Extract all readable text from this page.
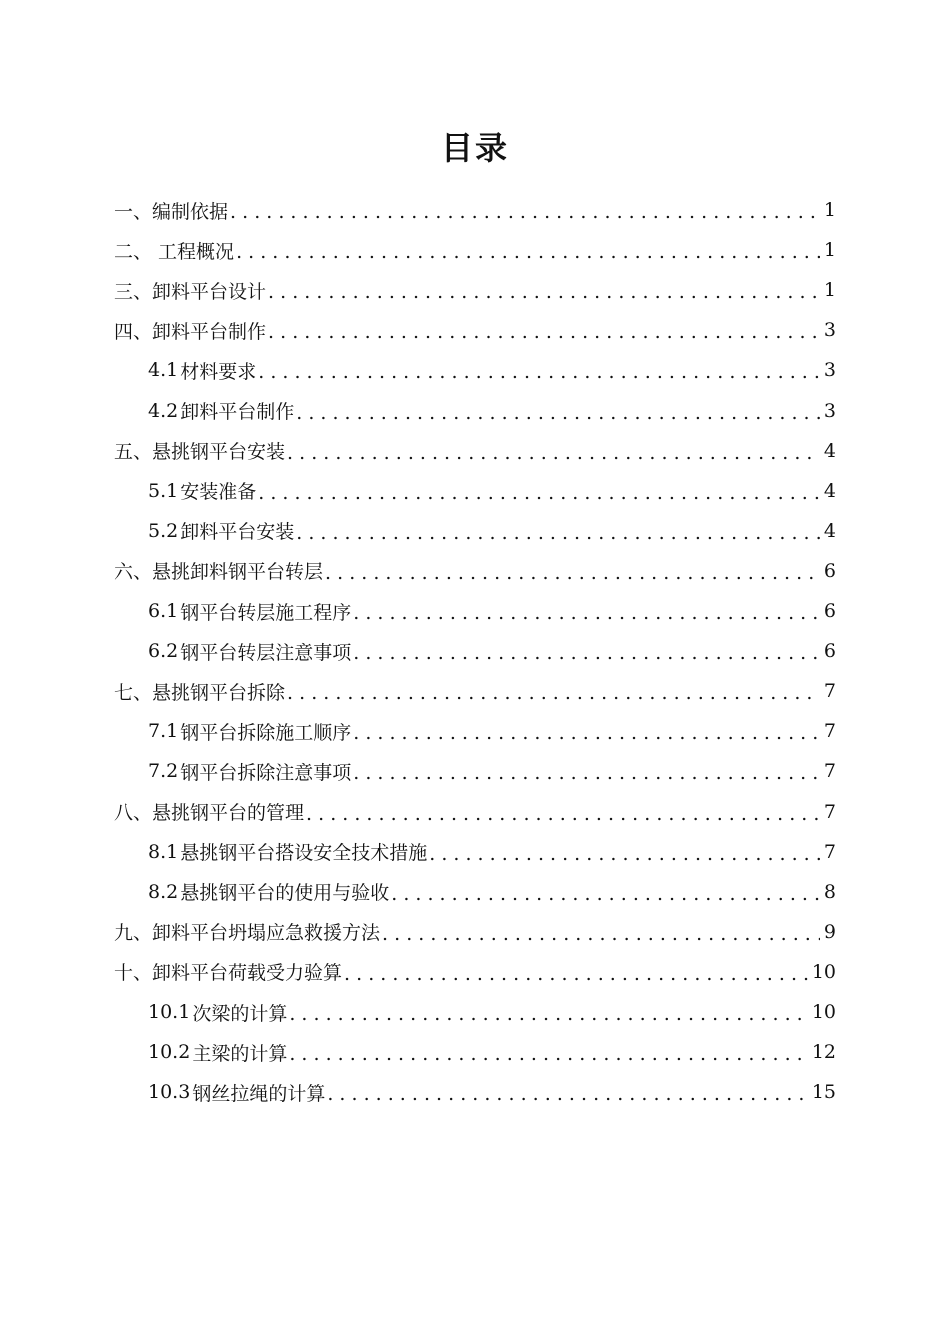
目录
一、 编制依据 . . .	1
二、 工程概况 . . .	1
三、 卸料平台设计 . . .	1
四、 卸料平台制作 . . .	3
4.1 材料要求 . . .	3
4.2 卸料平台制作 . . .	3
五、 悬挑钢平台安装 . . .	4
5.1 安装准备 . . .	4
5.2 卸料平台安装 . . .	4
六、 悬挑卸料钢平台转层 . . .	6
6.1 钢平台转层施工程序 . . .	6
6.2 钢平台转层注意事项 . . .	6
七、 悬挑钢平台拆除 . . .	7
7.1 钢平台拆除施工顺序 . . .	7
7.2 钢平台拆除注意事项 . . .	7
八、 悬挑钢平台的管理 . . .	7
8.1 悬挑钢平台搭设安全技术措施 . . .	7
8.2 悬挑钢平台的使用与验收 . . .	8
九、 卸料平台坍塌应急救援方法 . . .	9
十、 卸料平台荷载受力验算 . . .	10
10.1 次梁的计算 . . .	10
10.2 主梁的计算 . . .	12
10.3 钢丝拉绳的计算 . . .	15
